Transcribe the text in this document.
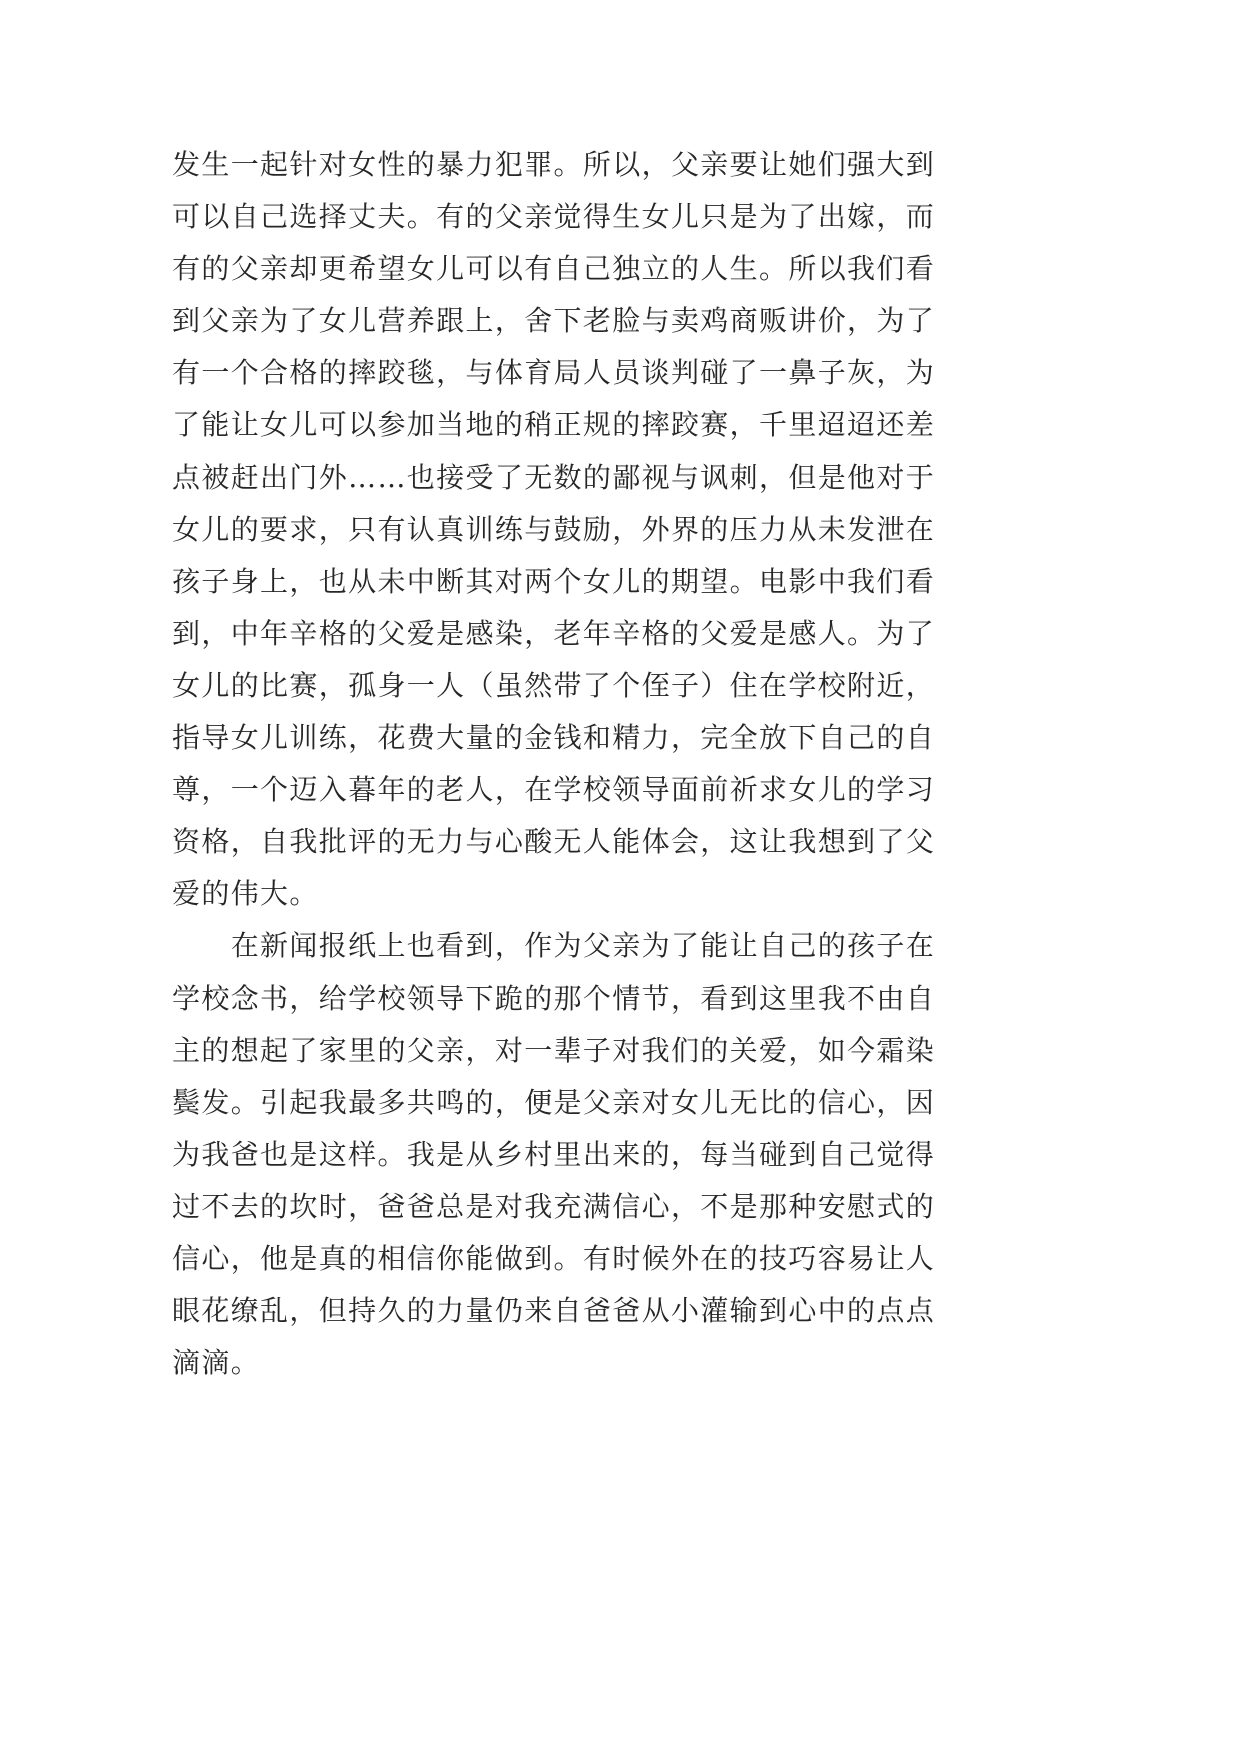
发生一起针对女性的暴力犯罪。所以，父亲要让她们强大到
可以自己选择丈夫。有的父亲觉得生女儿只是为了出嫁，而
有的父亲却更希望女儿可以有自己独立的人生。所以我们看
到父亲为了女儿营养跟上，舍下老脸与卖鸡商贩讲价，为了
有一个合格的摔跤毯，与体育局人员谈判碰了一鼻子灰，为
了能让女儿可以参加当地的稍正规的摔跤赛，千里迢迢还差
点被赶出门外……也接受了无数的鄙视与讽刺，但是他对于
女儿的要求，只有认真训练与鼓励，外界的压力从未发泄在
孩子身上，也从未中断其对两个女儿的期望。电影中我们看
到，中年辛格的父爱是感染，老年辛格的父爱是感人。为了
女儿的比赛，孤身一人（虽然带了个侄子）住在学校附近，
指导女儿训练，花费大量的金钱和精力，完全放下自己的自
尊，一个迈入暮年的老人，在学校领导面前祈求女儿的学习
资格，自我批评的无力与心酸无人能体会，这让我想到了父
爱的伟大。
在新闻报纸上也看到，作为父亲为了能让自己的孩子在
学校念书，给学校领导下跪的那个情节，看到这里我不由自
主的想起了家里的父亲，对一辈子对我们的关爱，如今霜染
鬓发。引起我最多共鸣的，便是父亲对女儿无比的信心，因
为我爸也是这样。我是从乡村里出来的，每当碰到自己觉得
过不去的坎时，爸爸总是对我充满信心，不是那种安慰式的
信心，他是真的相信你能做到。有时候外在的技巧容易让人
眼花缭乱，但持久的力量仍来自爸爸从小灌输到心中的点点
滴滴。
